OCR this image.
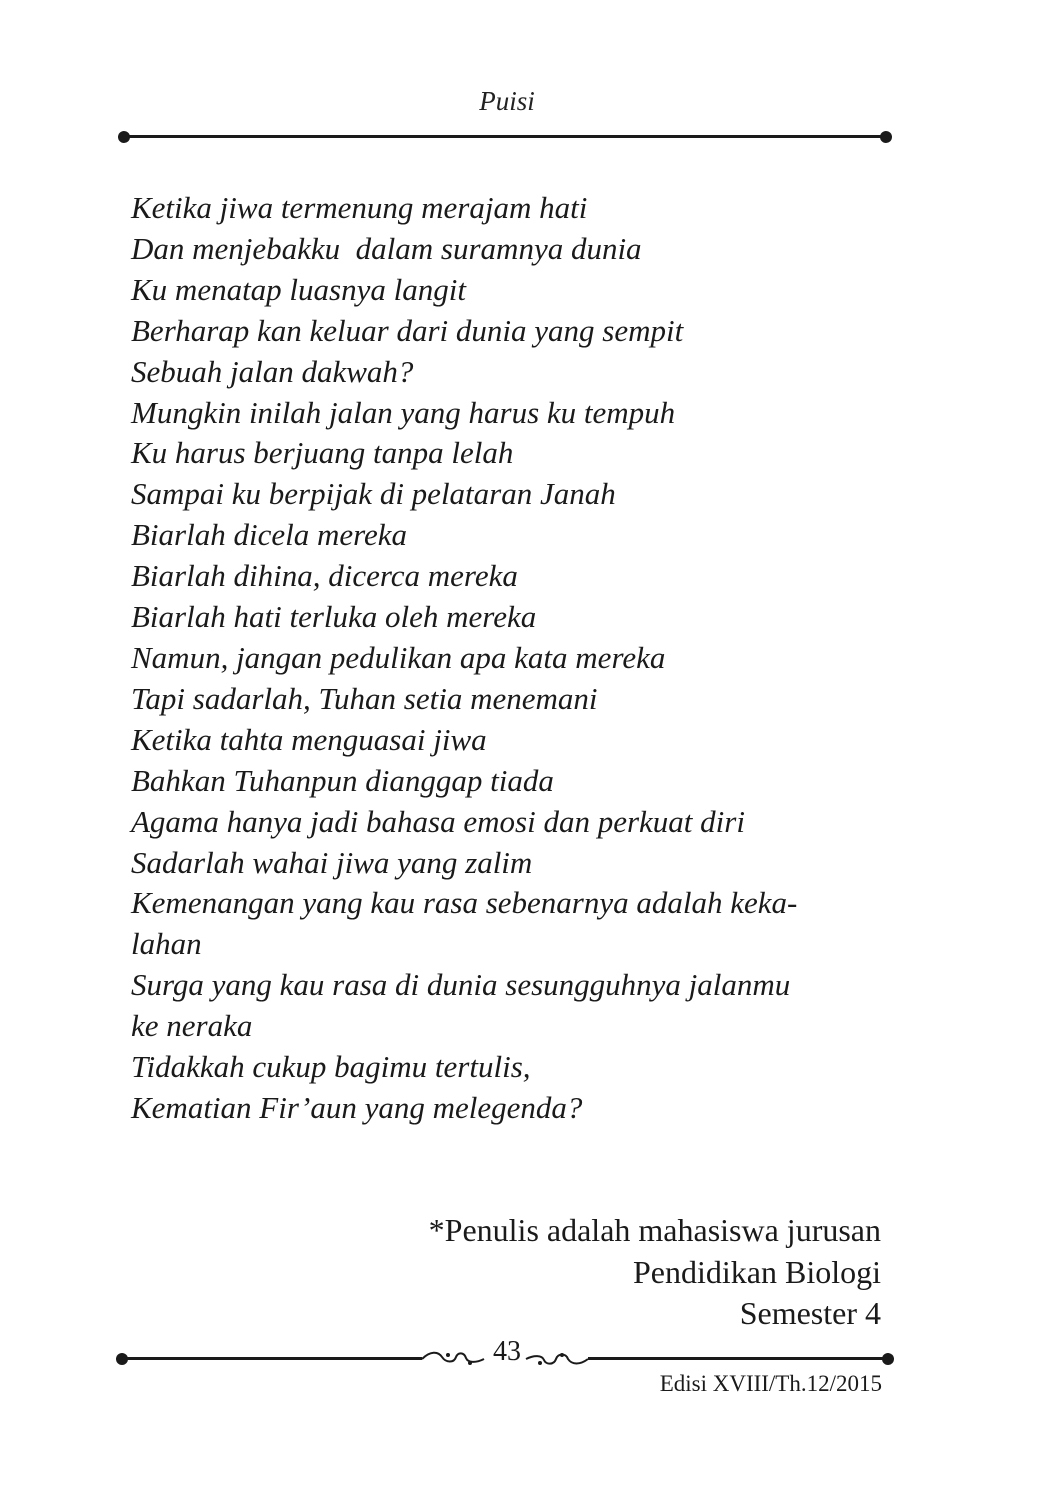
Puisi
Ketika jiwa termenung merajam hati
Dan menjebakku  dalam suramnya dunia
Ku menatap luasnya langit
Berharap kan keluar dari dunia yang sempit
Sebuah jalan dakwah?
Mungkin inilah jalan yang harus ku tempuh
Ku harus berjuang tanpa lelah
Sampai ku berpijak di pelataran Janah
Biarlah dicela mereka
Biarlah dihina, dicerca mereka
Biarlah hati terluka oleh mereka
Namun, jangan pedulikan apa kata mereka
Tapi sadarlah, Tuhan setia menemani
Ketika tahta menguasai jiwa
Bahkan Tuhanpun dianggap tiada
Agama hanya jadi bahasa emosi dan perkuat diri
Sadarlah wahai jiwa yang zalim
Kemenangan yang kau rasa sebenarnya adalah keka-
lahan
Surga yang kau rasa di dunia sesungguhnya jalanmu
ke neraka
Tidakkah cukup bagimu tertulis,
Kematian Fir’aun yang melegenda?
*Penulis adalah mahasiswa jurusan
Pendidikan Biologi
Semester 4
43
Edisi XVIII/Th.12/2015
